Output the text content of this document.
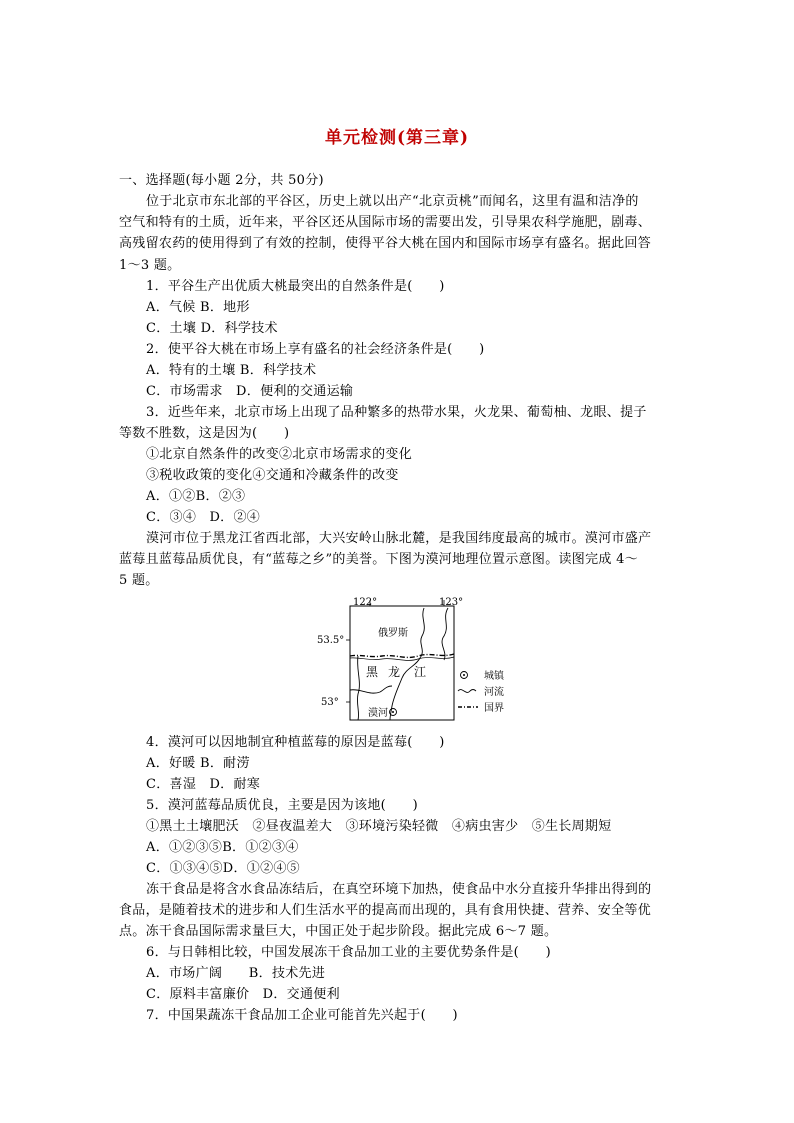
单元检测(第三章)
一、选择题(每小题 2分，共 50分)
位于北京市东北部的平谷区，历史上就以出产“北京贡桃”而闻名，这里有温和洁净的
空气和特有的土质，近年来，平谷区还从国际市场的需要出发，引导果农科学施肥，剧毒、
高残留农药的使用得到了有效的控制，使得平谷大桃在国内和国际市场享有盛名。据此回答
1～3 题。
1．平谷生产出优质大桃最突出的自然条件是(　　)
A．气候 B．地形
C．土壤 D．科学技术
2．使平谷大桃在市场上享有盛名的社会经济条件是(　　)
A．特有的土壤 B．科学技术
C．市场需求　D．便利的交通运输
3．近些年来，北京市场上出现了品种繁多的热带水果，火龙果、葡萄柚、龙眼、提子
等数不胜数，这是因为(　　)
①北京自然条件的改变②北京市场需求的变化
③税收政策的变化④交通和冷藏条件的改变
A．①②B．②③
C．③④　D．②④
漠河市位于黑龙江省西北部，大兴安岭山脉北麓，是我国纬度最高的城市。漠河市盛产
蓝莓且蓝莓品质优良，有“蓝莓之乡”的美誉。下图为漠河地理位置示意图。读图完成 4～
5 题。
122°	123°
53.5°
53°
俄罗斯
黑 龙 江
漠河
城镇
河流
国界
4．漠河可以因地制宜种植蓝莓的原因是蓝莓(　　)
A．好暖 B．耐涝
C．喜湿　D．耐寒
5．漠河蓝莓品质优良，主要是因为该地(　　)
①黑土土壤肥沃　②昼夜温差大　③环境污染轻微　④病虫害少　⑤生长周期短
A．①②③⑤B．①②③④
C．①③④⑤D．①②④⑤
冻干食品是将含水食品冻结后，在真空环境下加热，使食品中水分直接升华排出得到的
食品，是随着技术的进步和人们生活水平的提高而出现的，具有食用快捷、营养、安全等优
点。冻干食品国际需求量巨大，中国正处于起步阶段。据此完成 6～7 题。
6．与日韩相比较，中国发展冻干食品加工业的主要优势条件是(　　)
A．市场广阔　　B．技术先进
C．原料丰富廉价　D．交通便利
7．中国果蔬冻干食品加工企业可能首先兴起于(　　)
